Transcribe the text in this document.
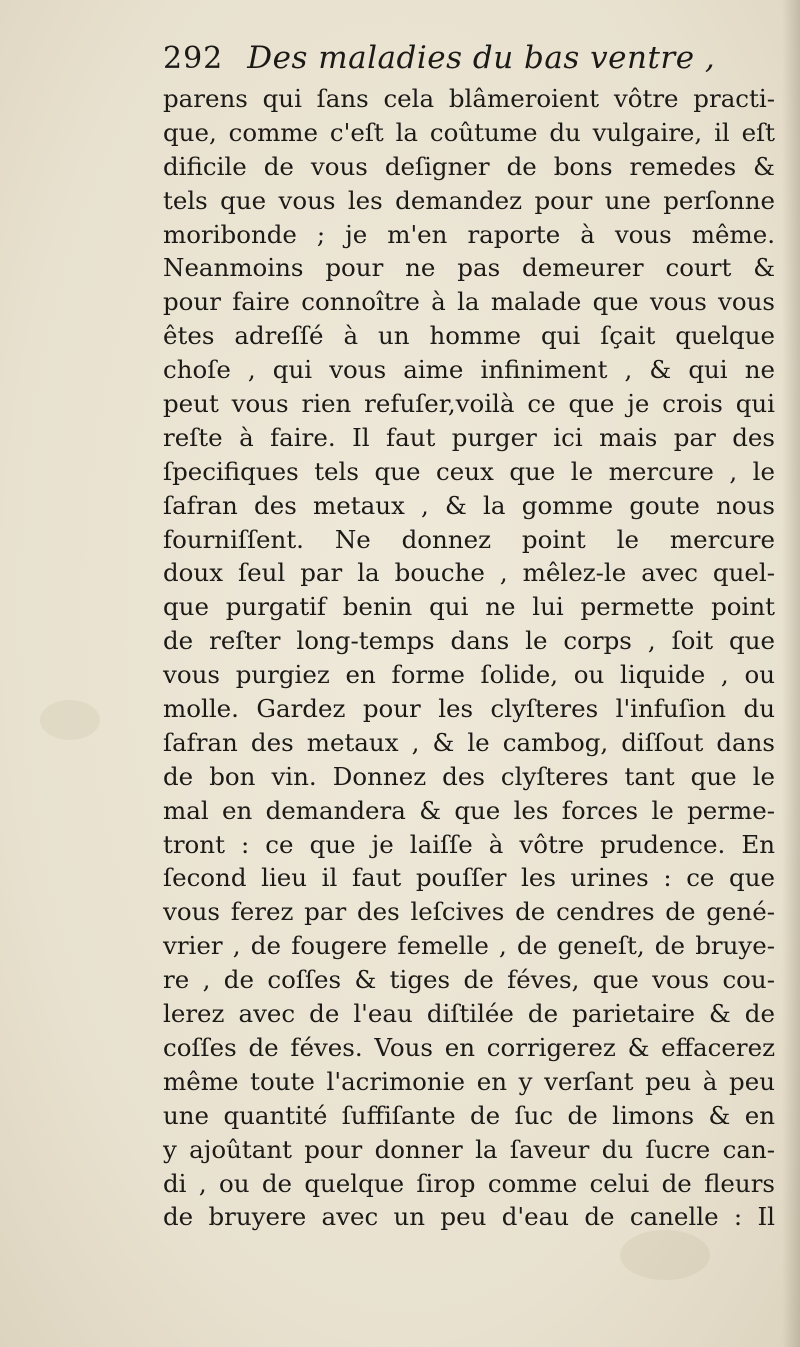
292 Des maladies du bas ventre ,
parens qui ſans cela blâmeroient vôtre practi-
que, comme c'eſt la coûtume du vulgaire, il eſt
dificile de vous deſigner de bons remedes &
tels que vous les demandez pour une perſonne
moribonde ; je m'en raporte à vous même.
Neanmoins pour ne pas demeurer court &
pour faire connoître à la malade que vous vous
êtes adreſſé à un homme qui ſçait quelque
choſe , qui vous aime infiniment , & qui ne
peut vous rien refuſer,voilà ce que je crois qui
reſte à faire. Il faut purger ici mais par des
ſpecifiques tels que ceux que le mercure , le
ſafran des metaux , & la gomme goute nous
fourniſſent. Ne donnez point le mercure
doux ſeul par la bouche , mêlez-le avec quel-
que purgatif benin qui ne lui permette point
de reſter long-temps dans le corps , ſoit que
vous purgiez en forme ſolide, ou liquide , ou
molle. Gardez pour les clyſteres l'infuſion du
ſafran des metaux , & le cambog, diſſout dans
de bon vin. Donnez des clyſteres tant que le
mal en demandera & que les forces le perme-
tront : ce que je laiſſe à vôtre prudence. En
ſecond lieu il faut pouſſer les urines : ce que
vous ferez par des leſcives de cendres de gené-
vrier , de fougere femelle , de geneſt, de bruye-
re , de coſſes & tiges de féves, que vous cou-
lerez avec de l'eau diſtilée de parietaire & de
coſſes de féves. Vous en corrigerez & effacerez
même toute l'acrimonie en y verſant peu à peu
une quantité ſuffiſante de ſuc de limons & en
y ajoûtant pour donner la ſaveur du ſucre can-
di , ou de quelque ſirop comme celui de fleurs
de bruyere avec un peu d'eau de canelle : Il
